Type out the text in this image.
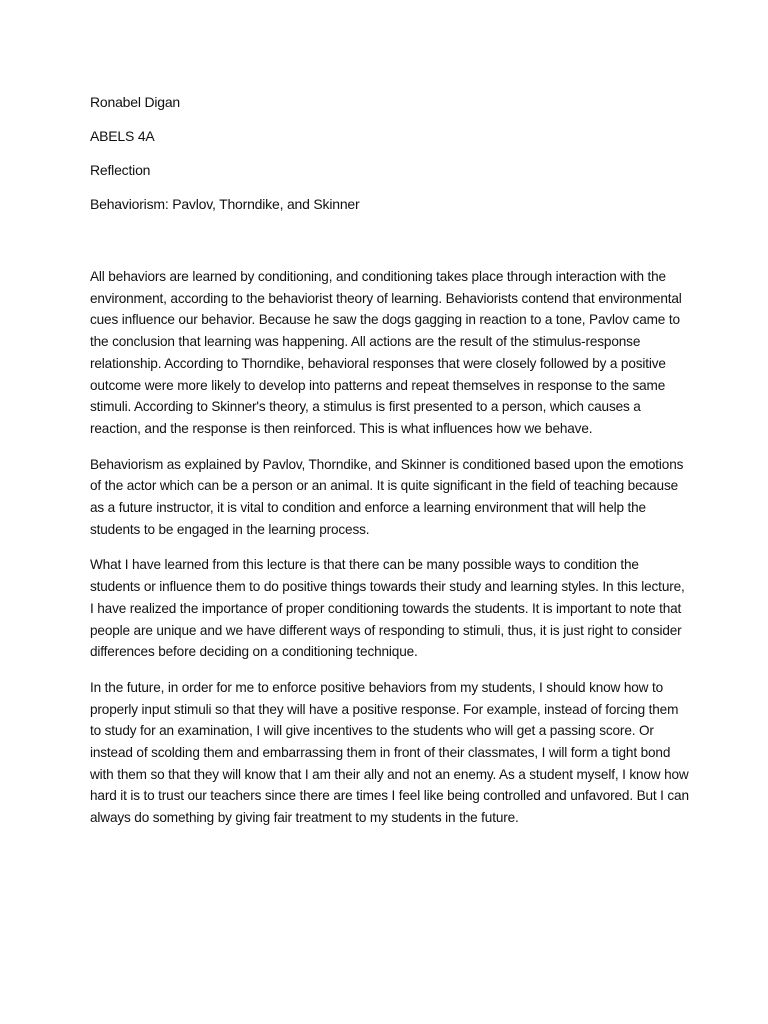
Ronabel Digan

ABELS 4A

Reflection

Behaviorism: Pavlov, Thorndike, and Skinner

All behaviors are learned by conditioning, and conditioning takes place through interaction with the environment, according to the behaviorist theory of learning. Behaviorists contend that environmental cues influence our behavior. Because he saw the dogs gagging in reaction to a tone, Pavlov came to the conclusion that learning was happening. All actions are the result of the stimulus-response relationship. According to Thorndike, behavioral responses that were closely followed by a positive outcome were more likely to develop into patterns and repeat themselves in response to the same stimuli. According to Skinner's theory, a stimulus is first presented to a person, which causes a reaction, and the response is then reinforced. This is what influences how we behave.

Behaviorism as explained by Pavlov, Thorndike, and Skinner is conditioned based upon the emotions of the actor which can be a person or an animal. It is quite significant in the field of teaching because as a future instructor, it is vital to condition and enforce a learning environment that will help the students to be engaged in the learning process.

What I have learned from this lecture is that there can be many possible ways to condition the students or influence them to do positive things towards their study and learning styles. In this lecture, I have realized the importance of proper conditioning towards the students. It is important to note that people are unique and we have different ways of responding to stimuli, thus, it is just right to consider differences before deciding on a conditioning technique.

In the future, in order for me to enforce positive behaviors from my students, I should know how to properly input stimuli so that they will have a positive response. For example, instead of forcing them to study for an examination, I will give incentives to the students who will get a passing score. Or instead of scolding them and embarrassing them in front of their classmates, I will form a tight bond with them so that they will know that I am their ally and not an enemy. As a student myself, I know how hard it is to trust our teachers since there are times I feel like being controlled and unfavored. But I can always do something by giving fair treatment to my students in the future.
